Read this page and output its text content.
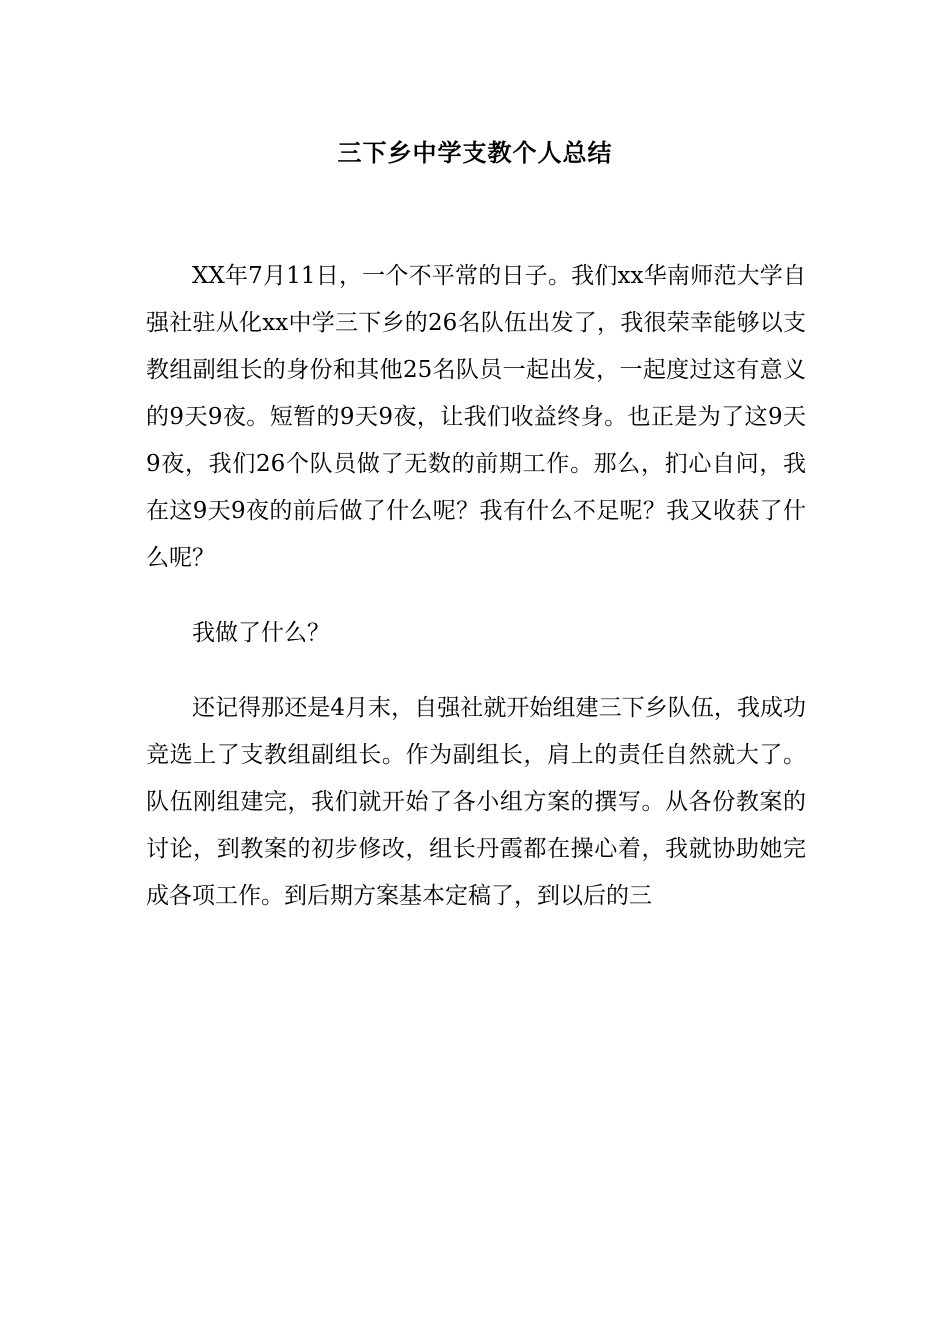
三下乡中学支教个人总结

XX年7月11日，一个不平常的日子。我们xx华南师范大学自强社驻从化xx中学三下乡的26名队伍出发了，我很荣幸能够以支教组副组长的身份和其他25名队员一起出发，一起度过这有意义的9天9夜。短暂的9天9夜，让我们收益终身。也正是为了这9天9夜，我们26个队员做了无数的前期工作。那么，扪心自问，我在这9天9夜的前后做了什么呢？我有什么不足呢？我又收获了什么呢？

我做了什么？

还记得那还是4月末，自强社就开始组建三下乡队伍，我成功竞选上了支教组副组长。作为副组长，肩上的责任自然就大了。队伍刚组建完，我们就开始了各小组方案的撰写。从各份教案的讨论，到教案的初步修改，组长丹霞都在操心着，我就协助她完成各项工作。到后期方案基本定稿了，到以后的三
